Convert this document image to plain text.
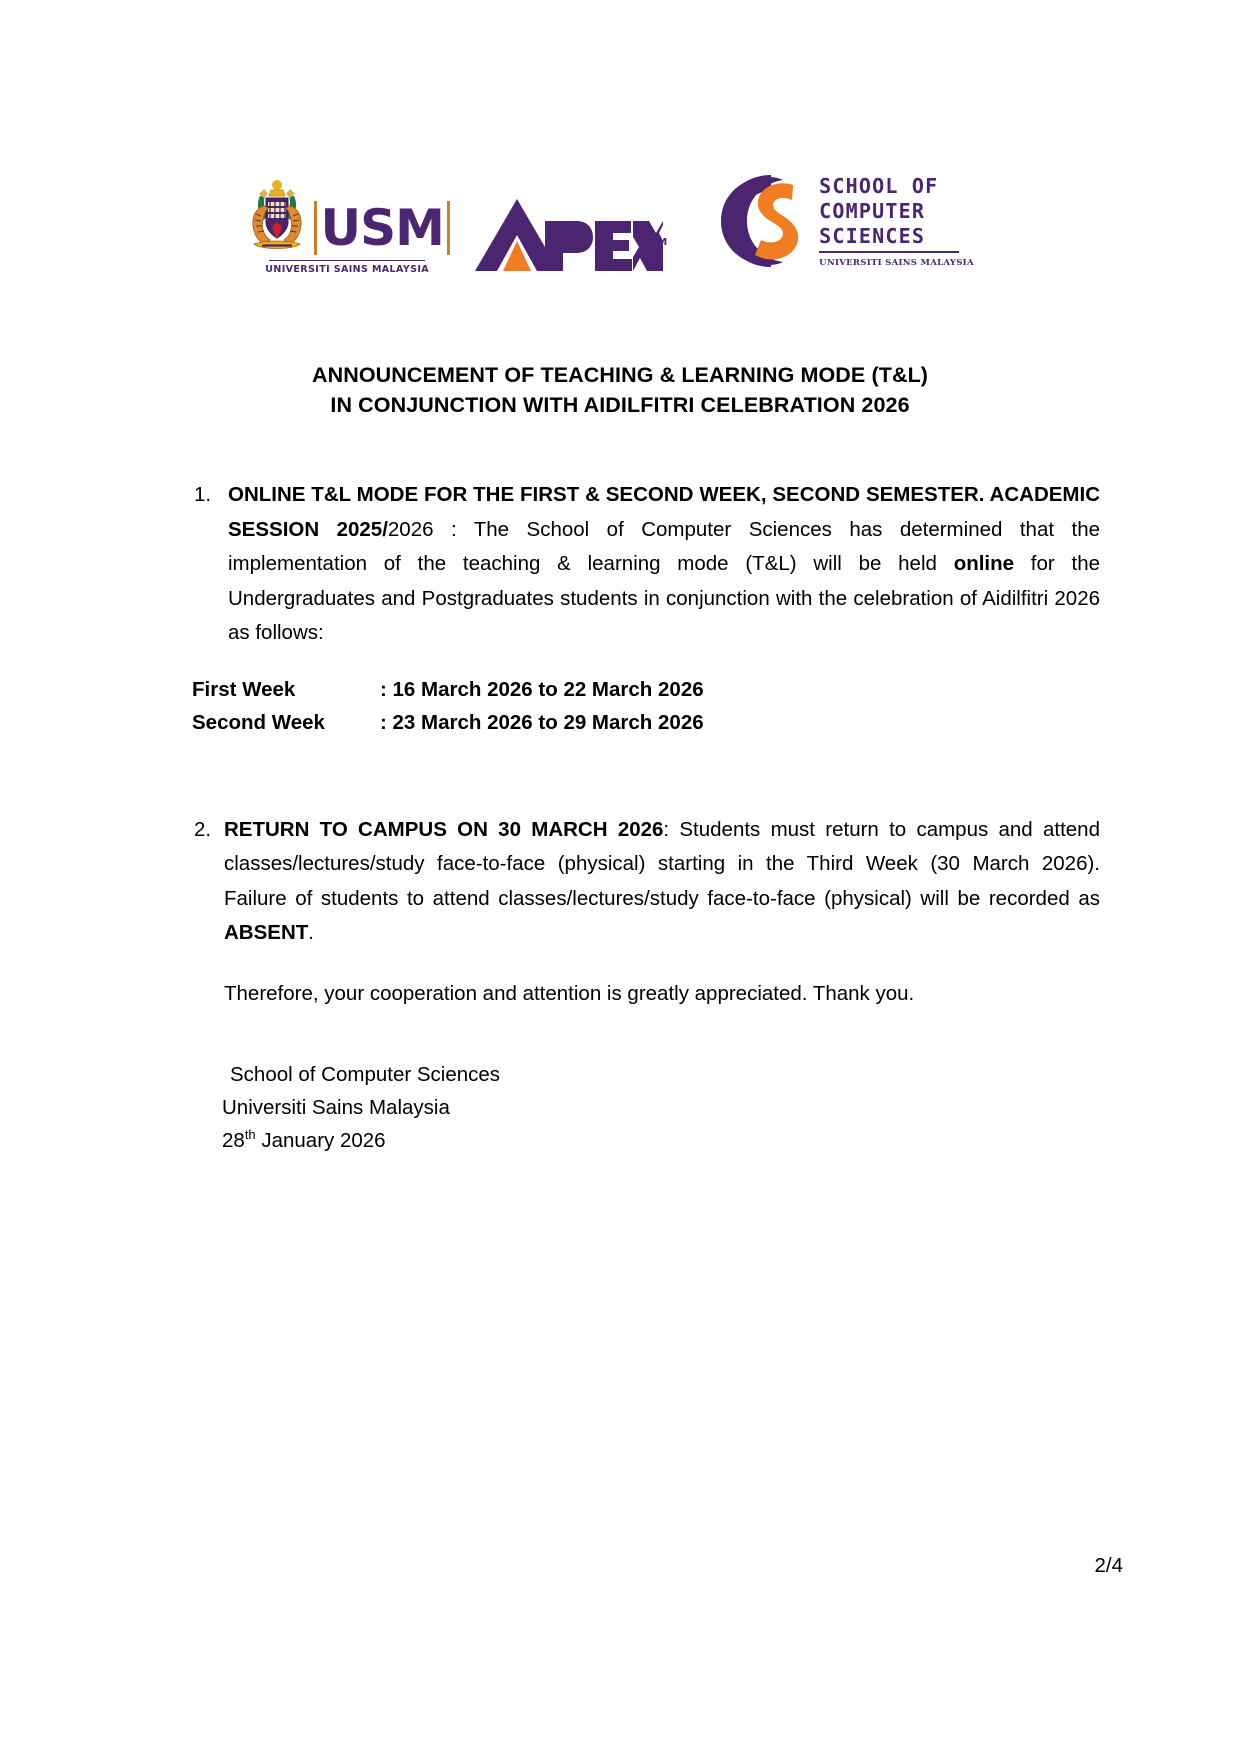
USM
UNIVERSITI SAINS MALAYSIA
TM
SCHOOL OF
COMPUTER
SCIENCES
UNIVERSITI SAINS MALAYSIA
ANNOUNCEMENT OF TEACHING & LEARNING MODE (T&L)
IN CONJUNCTION WITH AIDILFITRI CELEBRATION 2026
1. ONLINE T&L MODE FOR THE FIRST & SECOND WEEK, SECOND SEMESTER. ACADEMIC SESSION 2025/2026 : The School of Computer Sciences has determined that the implementation of the teaching & learning mode (T&L) will be held online for the Undergraduates and Postgraduates students in conjunction with the celebration of Aidilfitri 2026 as follows:
First Week	: 16 March 2026 to 22 March 2026
Second Week	: 23 March 2026 to 29 March 2026
2. RETURN TO CAMPUS ON 30 MARCH 2026: Students must return to campus and attend classes/lectures/study face-to-face (physical) starting in the Third Week (30 March 2026). Failure of students to attend classes/lectures/study face-to-face (physical) will be recorded as ABSENT.
Therefore, your cooperation and attention is greatly appreciated. Thank you.
School of Computer Sciences
Universiti Sains Malaysia
28th January 2026
2/4
